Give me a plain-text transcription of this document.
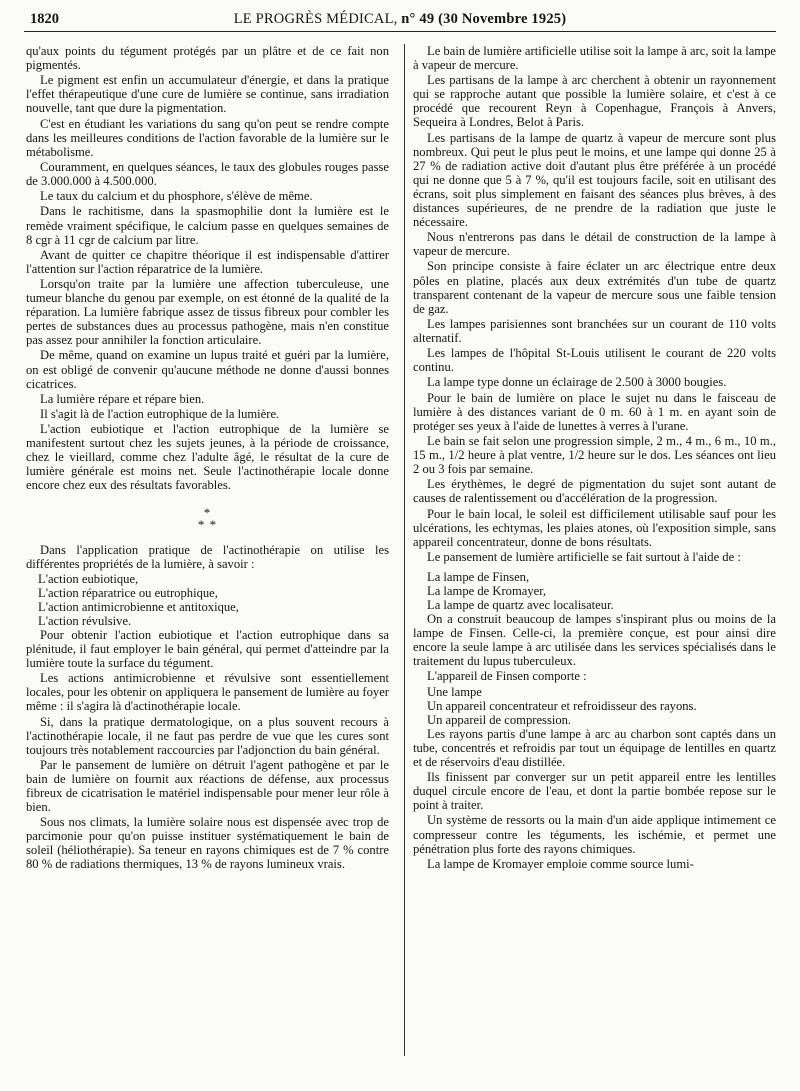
1820	LE PROGRÈS MÉDICAL, n° 49 (30 Novembre 1925)

qu'aux points du tégument protégés par un plâtre et de ce fait non pigmentés.

Le pigment est enfin un accumulateur d'énergie, et dans la pratique l'effet thérapeutique d'une cure de lumière se continue, sans irradiation nouvelle, tant que dure la pigmentation.

C'est en étudiant les variations du sang qu'on peut se rendre compte dans les meilleures conditions de l'action favorable de la lumière sur le métabolisme.

Couramment, en quelques séances, le taux des globules rouges passe de 3.000.000 à 4.500.000.

Le taux du calcium et du phosphore, s'élève de même.

Dans le rachitisme, dans la spasmophilie dont la lumière est le remède vraiment spécifique, le calcium passe en quelques semaines de 8 cgr à 11 cgr de calcium par litre.

Avant de quitter ce chapitre théorique il est indispensable d'attirer l'attention sur l'action réparatrice de la lumière.

Lorsqu'on traite par la lumière une affection tuberculeuse, une tumeur blanche du genou par exemple, on est étonné de la qualité de la réparation. La lumière fabrique assez de tissus fibreux pour combler les pertes de substances dues au processus pathogène, mais n'en constitue pas assez pour annihiler la fonction articulaire.

De même, quand on examine un lupus traité et guéri par la lumière, on est obligé de convenir qu'aucune méthode ne donne d'aussi bonnes cicatrices.

La lumière répare et répare bien.

Il s'agit là de l'action eutrophique de la lumière.

L'action eubiotique et l'action eutrophique de la lumière se manifestent surtout chez les sujets jeunes, à la période de croissance, chez le vieillard, comme chez l'adulte âgé, le résultat de la cure de lumière générale est moins net. Seule l'actinothérapie locale donne encore chez eux des résultats favorables.

*
* *

Dans l'application pratique de l'actinothérapie on utilise les différentes propriétés de la lumière, à savoir :

L'action eubiotique,

L'action réparatrice ou eutrophique,

L'action antimicrobienne et antitoxique,

L'action révulsive.

Pour obtenir l'action eubiotique et l'action eutrophique dans sa plénitude, il faut employer le bain général, qui permet d'atteindre par la lumière toute la surface du tégument.

Les actions antimicrobienne et révulsive sont essentiellement locales, pour les obtenir on appliquera le pansement de lumière au foyer même : il s'agira là d'actinothérapie locale.

Si, dans la pratique dermatologique, on a plus souvent recours à l'actinothérapie locale, il ne faut pas perdre de vue que les cures sont toujours très notablement raccourcies par l'adjonction du bain général.

Par le pansement de lumière on détruit l'agent pathogène et par le bain de lumière on fournit aux réactions de défense, aux processus fibreux de cicatrisation le matériel indispensable pour mener leur rôle à bien.

Sous nos climats, la lumière solaire nous est dispensée avec trop de parcimonie pour qu'on puisse instituer systématiquement le bain de soleil (héliothérapie). Sa teneur en rayons chimiques est de 7 % contre 80 % de radiations thermiques, 13 % de rayons lumineux vrais.

Le bain de lumière artificielle utilise soit la lampe à arc, soit la lampe à vapeur de mercure.

Les partisans de la lampe à arc cherchent à obtenir un rayonnement qui se rapproche autant que possible la lumière solaire, et c'est à ce procédé que recourent Reyn à Copenhague, François à Anvers, Sequeira à Londres, Belot à Paris.

Les partisans de la lampe de quartz à vapeur de mercure sont plus nombreux. Qui peut le plus peut le moins, et une lampe qui donne 25 à 27 % de radiation active doit d'autant plus être préférée à un procédé qui ne donne que 5 à 7 %, qu'il est toujours facile, soit en utilisant des écrans, soit plus simplement en faisant des séances plus brèves, à des distances supérieures, de ne prendre de la radiation que juste le nécessaire.

Nous n'entrerons pas dans le détail de construction de la lampe à vapeur de mercure.

Son principe consiste à faire éclater un arc électrique entre deux pôles en platine, placés aux deux extrémités d'un tube de quartz transparent contenant de la vapeur de mercure sous une faible tension de gaz.

Les lampes parisiennes sont branchées sur un courant de 110 volts alternatif.

Les lampes de l'hôpital St-Louis utilisent le courant de 220 volts continu.

La lampe type donne un éclairage de 2.500 à 3000 bougies.

Pour le bain de lumière on place le sujet nu dans le faisceau de lumière à des distances variant de 0 m. 60 à 1 m. en ayant soin de protéger ses yeux à l'aide de lunettes à verres à l'urane.

Le bain se fait selon une progression simple, 2 m., 4 m., 6 m., 10 m., 15 m., 1/2 heure à plat ventre, 1/2 heure sur le dos. Les séances ont lieu 2 ou 3 fois par semaine.

Les érythèmes, le degré de pigmentation du sujet sont autant de causes de ralentissement ou d'accélération de la progression.

Pour le bain local, le soleil est difficilement utilisable sauf pour les ulcérations, les echtymas, les plaies atones, où l'exposition simple, sans appareil concentrateur, donne de bons résultats.

Le pansement de lumière artificielle se fait surtout à l'aide de :

La lampe de Finsen,

La lampe de Kromayer,

La lampe de quartz avec localisateur.

On a construit beaucoup de lampes s'inspirant plus ou moins de la lampe de Finsen. Celle-ci, la première conçue, est pour ainsi dire encore la seule lampe à arc utilisée dans les services spécialisés dans le traitement du lupus tuberculeux.

L'appareil de Finsen comporte :

Une lampe

Un appareil concentrateur et refroidisseur des rayons.

Un appareil de compression.

Les rayons partis d'une lampe à arc au charbon sont captés dans un tube, concentrés et refroidis par tout un équipage de lentilles en quartz et de réservoirs d'eau distillée.

Ils finissent par converger sur un petit appareil entre les lentilles duquel circule encore de l'eau, et dont la partie bombée repose sur le point à traiter.

Un système de ressorts ou la main d'un aide applique intimement ce compresseur contre les téguments, les ischémie, et permet une pénétration plus forte des rayons chimiques.

La lampe de Kromayer emploie comme source lumi-
